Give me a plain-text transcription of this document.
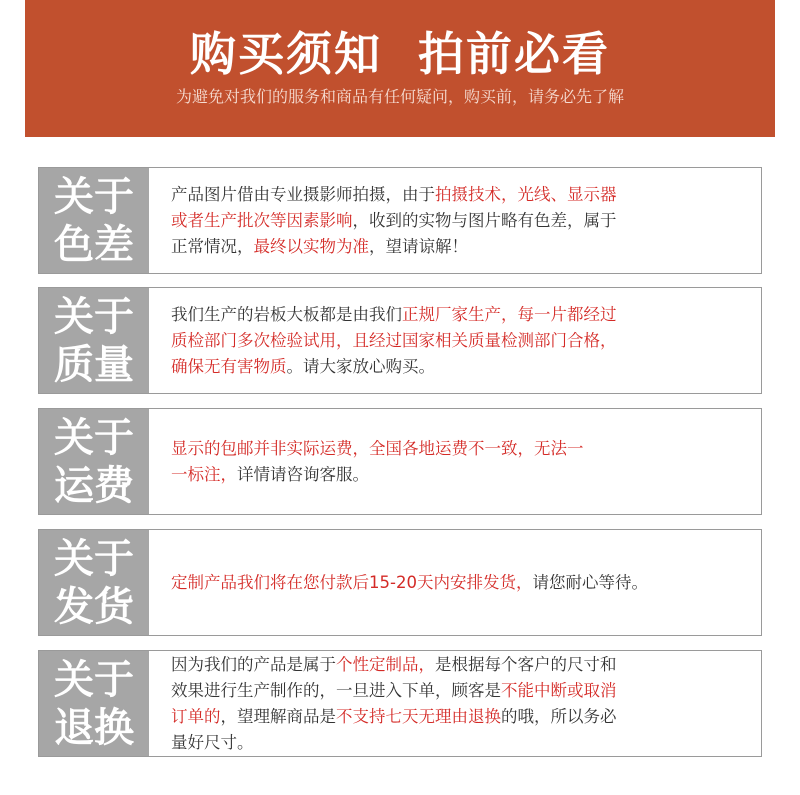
购买须知  拍前必看
为避免对我们的服务和商品有任何疑问，购买前，请务必先了解
关于
色差
产品图片借由专业摄影师拍摄，由于拍摄技术，光线、显示器
或者生产批次等因素影响，收到的实物与图片略有色差，属于
正常情况，最终以实物为准，望请谅解！
关于
质量
我们生产的岩板大板都是由我们正规厂家生产，每一片都经过
质检部门多次检验试用，且经过国家相关质量检测部门合格，
确保无有害物质。请大家放心购买。
关于
运费
显示的包邮并非实际运费，全国各地运费不一致，无法一
一标注，详情请咨询客服。
关于
发货
定制产品我们将在您付款后15-20天内安排发货，请您耐心等待。
关于
退换
因为我们的产品是属于个性定制品，是根据每个客户的尺寸和
效果进行生产制作的，一旦进入下单，顾客是不能中断或取消
订单的，望理解商品是不支持七天无理由退换的哦，所以务必
量好尺寸。
